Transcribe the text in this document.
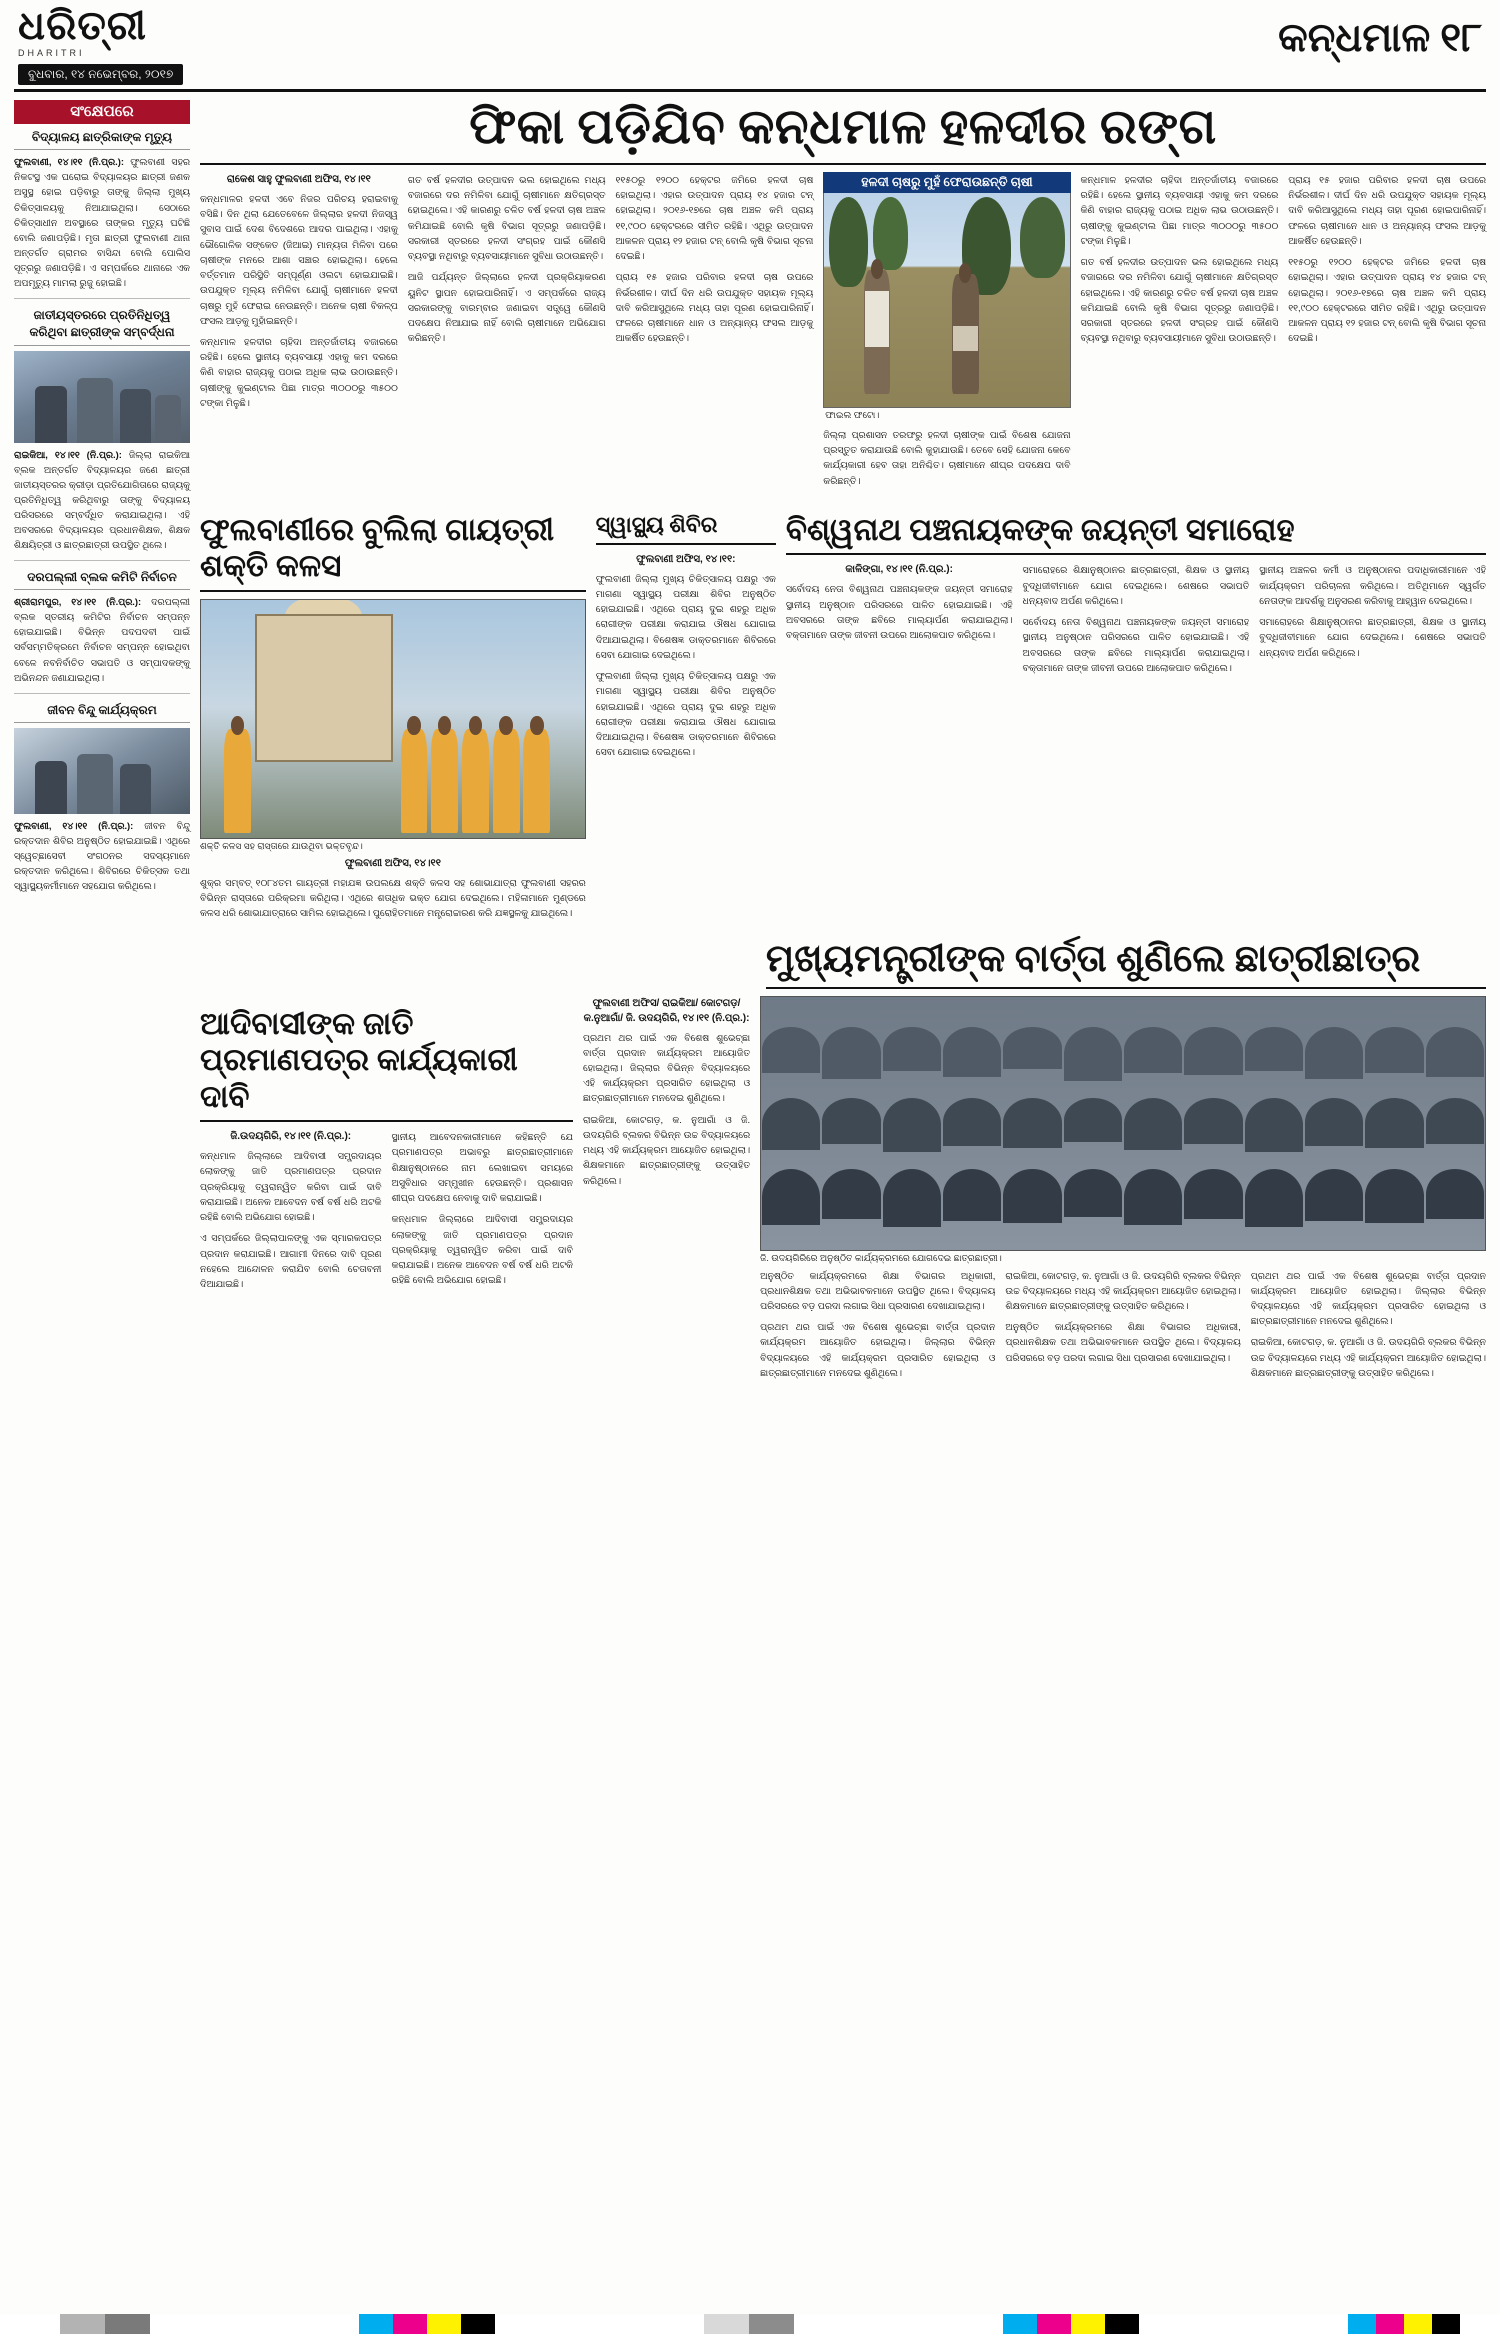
ଧରିତ୍ରୀ
DHARITRI
ବୁଧବାର, ୧୪ ନଭେମ୍ବର, ୨୦୧୭
କନ୍ଧମାଳ ୧୮
ସଂକ୍ଷେପରେ
ବିଦ୍ୟାଳୟ ଛାତ୍ରିକାଙ୍କ ମୃତ୍ୟୁ
ଫୁଲବାଣୀ, ୧୪।୧୧ (ନି.ପ୍ର.): ଫୁଲବାଣୀ ସହର ନିକଟସ୍ଥ ଏକ ଘରୋଇ ବିଦ୍ୟାଳୟର ଛାତ୍ରୀ ଜଣକ ଅସୁସ୍ଥ ହୋଇ ପଡ଼ିବାରୁ ତାଙ୍କୁ ଜିଲ୍ଲା ମୁଖ୍ୟ ଚିକିତ୍ସାଳୟକୁ ନିଆଯାଇଥିଲା। ସେଠାରେ ଚିକିତ୍ସାଧୀନ ଅବସ୍ଥାରେ ତାଙ୍କର ମୃତ୍ୟୁ ଘଟିଛି ବୋଲି ଜଣାପଡ଼ିଛି। ମୃତା ଛାତ୍ରୀ ଫୁଲବାଣୀ ଥାନା ଅନ୍ତର୍ଗତ ଗ୍ରାମର ବାସିନ୍ଦା ବୋଲି ପୋଲିସ ସୂତ୍ରରୁ ଜଣାପଡ଼ିଛି। ଏ ସମ୍ପର୍କରେ ଥାନାରେ ଏକ ଅପମୃତ୍ୟୁ ମାମଲା ରୁଜୁ ହୋଇଛି।
ଜାତୀୟସ୍ତରରେ ପ୍ରତିନିଧିତ୍ୱ କରିଥିବା ଛାତ୍ରୀଙ୍କ ସମ୍ବର୍ଦ୍ଧନା
ରାଇକିଆ, ୧୪।୧୧ (ନି.ପ୍ର.): ଜିଲ୍ଲା ରାଇକିଆ ବ୍ଲକ ଅନ୍ତର୍ଗତ ବିଦ୍ୟାଳୟର ଜଣେ ଛାତ୍ରୀ ଜାତୀୟସ୍ତରର କ୍ରୀଡ଼ା ପ୍ରତିଯୋଗିତାରେ ରାଜ୍ୟକୁ ପ୍ରତିନିଧିତ୍ୱ କରିଥିବାରୁ ତାଙ୍କୁ ବିଦ୍ୟାଳୟ ପରିସରରେ ସମ୍ବର୍ଦ୍ଧିତ କରାଯାଇଥିଲା। ଏହି ଅବସରରେ ବିଦ୍ୟାଳୟର ପ୍ରଧାନଶିକ୍ଷକ, ଶିକ୍ଷକ ଶିକ୍ଷୟିତ୍ରୀ ଓ ଛାତ୍ରଛାତ୍ରୀ ଉପସ୍ଥିତ ଥିଲେ।
ଦରପଲ୍ଲୀ ବ୍ଲକ କମିଟି ନିର୍ବାଚନ
ଶ୍ରୀରାମପୁର, ୧୪।୧୧ (ନି.ପ୍ର.): ଦରପଲ୍ଲୀ ବ୍ଲକ ସ୍ତରୀୟ କମିଟିର ନିର୍ବାଚନ ସମ୍ପନ୍ନ ହୋଇଯାଇଛି। ବିଭିନ୍ନ ପଦପଦବୀ ପାଇଁ ସର୍ବସମ୍ମତିକ୍ରମେ ନିର୍ବାଚନ ସମ୍ପନ୍ନ ହୋଇଥିବା ବେଳେ ନବନିର୍ବାଚିତ ସଭାପତି ଓ ସମ୍ପାଦକଙ୍କୁ ଅଭିନନ୍ଦନ ଜଣାଯାଇଥିଲା।
ଜୀବନ ବିନ୍ଦୁ କାର୍ଯ୍ୟକ୍ରମ
ଫୁଲବାଣୀ, ୧୪।୧୧ (ନି.ପ୍ର.): ଜୀବନ ବିନ୍ଦୁ ରକ୍ତଦାନ ଶିବିର ଅନୁଷ୍ଠିତ ହୋଇଯାଇଛି। ଏଥିରେ ସ୍ୱେଚ୍ଛାସେବୀ ସଂଗଠନର ସଦସ୍ୟମାନେ ରକ୍ତଦାନ କରିଥିଲେ। ଶିବିରରେ ଚିକିତ୍ସକ ତଥା ସ୍ୱାସ୍ଥ୍ୟକର୍ମୀମାନେ ସହଯୋଗ କରିଥିଲେ।
ଫିକା ପଡ଼ିଯିବ କନ୍ଧମାଳ ହଳଦୀର ରଙ୍ଗ
ରାକେଶ ସାହୁ ଫୁଲବାଣୀ ଅଫିସ, ୧୪।୧୧

କନ୍ଧମାଳର ହଳଦୀ ଏବେ ନିଜର ପରିଚୟ ହରାଇବାକୁ ବସିଛି। ଦିନ ଥିଲା ଯେତେବେଳେ ଜିଲ୍ଲାର ହଳଦୀ ନିଜସ୍ୱ ସୁବାସ ପାଇଁ ଦେଶ ବିଦେଶରେ ଆଦର ପାଇଥିଲା। ଏହାକୁ ଭୌଗୋଳିକ ସଙ୍କେତ (ଜିଆଇ) ମାନ୍ୟତା ମିଳିବା ପରେ ଚାଷୀଙ୍କ ମନରେ ଆଶା ସଞ୍ଚାର ହୋଇଥିଲା। ହେଲେ ବର୍ତ୍ତମାନ ପରିସ୍ଥିତି ସମ୍ପୂର୍ଣ୍ଣ ଓଲଟା ହୋଇଯାଇଛି। ଉପଯୁକ୍ତ ମୂଲ୍ୟ ନମିଳିବା ଯୋଗୁଁ ଚାଷୀମାନେ ହଳଦୀ ଚାଷରୁ ମୁହଁ ଫେରାଇ ନେଉଛନ୍ତି। ଅନେକ ଚାଷୀ ବିକଳ୍ପ ଫସଲ ଆଡ଼କୁ ମୁହାଁଇଛନ୍ତି।

କନ୍ଧମାଳ ହଳଦୀର ଚାହିଦା ଅନ୍ତର୍ଜାତୀୟ ବଜାରରେ ରହିଛି। ହେଲେ ସ୍ଥାନୀୟ ବ୍ୟବସାୟୀ ଏହାକୁ କମ ଦରରେ କିଣି ବାହାର ରାଜ୍ୟକୁ ପଠାଇ ଅଧିକ ଲାଭ ଉଠାଉଛନ୍ତି। ଚାଷୀଙ୍କୁ କୁଇଣ୍ଟାଲ ପିଛା ମାତ୍ର ୩୦୦୦ରୁ ୩୫୦୦ ଟଙ୍କା ମିଳୁଛି।

ଗତ ବର୍ଷ ହଳଦୀର ଉତ୍ପାଦନ ଭଲ ହୋଇଥିଲେ ମଧ୍ୟ ବଜାରରେ ଦର ନମିଳିବା ଯୋଗୁଁ ଚାଷୀମାନେ କ୍ଷତିଗ୍ରସ୍ତ ହୋଇଥିଲେ। ଏହି କାରଣରୁ ଚଳିତ ବର୍ଷ ହଳଦୀ ଚାଷ ଅଞ୍ଚଳ କମିଯାଇଛି ବୋଲି କୃଷି ବିଭାଗ ସୂତ୍ରରୁ ଜଣାପଡ଼ିଛି। ସରକାରୀ ସ୍ତରରେ ହଳଦୀ ସଂଗ୍ରହ ପାଇଁ କୌଣସି ବ୍ୟବସ୍ଥା ନଥିବାରୁ ବ୍ୟବସାୟୀମାନେ ସୁବିଧା ଉଠାଉଛନ୍ତି।

ଆଜି ପର୍ଯ୍ୟନ୍ତ ଜିଲ୍ଲାରେ ହଳଦୀ ପ୍ରକ୍ରିୟାକରଣ ୟୁନିଟ ସ୍ଥାପନ ହୋଇପାରିନାହିଁ। ଏ ସମ୍ପର୍କରେ ରାଜ୍ୟ ସରକାରଙ୍କୁ ବାରମ୍ବାର ଜଣାଇବା ସତ୍ତ୍ୱେ କୌଣସି ପଦକ୍ଷେପ ନିଆଯାଇ ନାହିଁ ବୋଲି ଚାଷୀମାନେ ଅଭିଯୋଗ କରିଛନ୍ତି।

୧୧୫୦ରୁ ୧୨୦୦ ହେକ୍ଟର ଜମିରେ ହଳଦୀ ଚାଷ ହୋଇଥିଲା। ଏହାର ଉତ୍ପାଦନ ପ୍ରାୟ ୧୪ ହଜାର ଟନ୍ ହୋଇଥିଲା। ୨୦୧୬-୧୭ରେ ଚାଷ ଅଞ୍ଚଳ କମି ପ୍ରାୟ ୧୧,୯୦୦ ହେକ୍ଟରରେ ସୀମିତ ରହିଛି। ଏଥିରୁ ଉତ୍ପାଦନ ଆକଳନ ପ୍ରାୟ ୧୨ ହଜାର ଟନ୍ ବୋଲି କୃଷି ବିଭାଗ ସୂଚନା ଦେଇଛି।

ପ୍ରାୟ ୧୫ ହଜାର ପରିବାର ହଳଦୀ ଚାଷ ଉପରେ ନିର୍ଭରଶୀଳ। ଦୀର୍ଘ ଦିନ ଧରି ଉପଯୁକ୍ତ ସହାୟକ ମୂଲ୍ୟ ଦାବି କରିଆସୁଥିଲେ ମଧ୍ୟ ତାହା ପୂରଣ ହୋଇପାରିନାହିଁ। ଫଳରେ ଚାଷୀମାନେ ଧାନ ଓ ଅନ୍ୟାନ୍ୟ ଫସଲ ଆଡ଼କୁ ଆକର୍ଷିତ ହେଉଛନ୍ତି।

ହଳଦୀ ଚାଷରୁ ମୁହଁ ଫେରାଉଛନ୍ତି ଚାଷୀ
ଫାଇଲ ଫଟୋ।

ଜିଲ୍ଲା ପ୍ରଶାସନ ତରଫରୁ ହଳଦୀ ଚାଷୀଙ୍କ ପାଇଁ ବିଶେଷ ଯୋଜନା ପ୍ରସ୍ତୁତ କରାଯାଉଛି ବୋଲି କୁହାଯାଉଛି। ତେବେ ସେହି ଯୋଜନା କେବେ କାର୍ଯ୍ୟକାରୀ ହେବ ତାହା ଅନିଶ୍ଚିତ। ଚାଷୀମାନେ ଶୀଘ୍ର ପଦକ୍ଷେପ ଦାବି କରିଛନ୍ତି।

କନ୍ଧମାଳ ହଳଦୀର ଚାହିଦା ଅନ୍ତର୍ଜାତୀୟ ବଜାରରେ ରହିଛି। ହେଲେ ସ୍ଥାନୀୟ ବ୍ୟବସାୟୀ ଏହାକୁ କମ ଦରରେ କିଣି ବାହାର ରାଜ୍ୟକୁ ପଠାଇ ଅଧିକ ଲାଭ ଉଠାଉଛନ୍ତି। ଚାଷୀଙ୍କୁ କୁଇଣ୍ଟାଲ ପିଛା ମାତ୍ର ୩୦୦୦ରୁ ୩୫୦୦ ଟଙ୍କା ମିଳୁଛି।

ଗତ ବର୍ଷ ହଳଦୀର ଉତ୍ପାଦନ ଭଲ ହୋଇଥିଲେ ମଧ୍ୟ ବଜାରରେ ଦର ନମିଳିବା ଯୋଗୁଁ ଚାଷୀମାନେ କ୍ଷତିଗ୍ରସ୍ତ ହୋଇଥିଲେ। ଏହି କାରଣରୁ ଚଳିତ ବର୍ଷ ହଳଦୀ ଚାଷ ଅଞ୍ଚଳ କମିଯାଇଛି ବୋଲି କୃଷି ବିଭାଗ ସୂତ୍ରରୁ ଜଣାପଡ଼ିଛି। ସରକାରୀ ସ୍ତରରେ ହଳଦୀ ସଂଗ୍ରହ ପାଇଁ କୌଣସି ବ୍ୟବସ୍ଥା ନଥିବାରୁ ବ୍ୟବସାୟୀମାନେ ସୁବିଧା ଉଠାଉଛନ୍ତି।

ପ୍ରାୟ ୧୫ ହଜାର ପରିବାର ହଳଦୀ ଚାଷ ଉପରେ ନିର୍ଭରଶୀଳ। ଦୀର୍ଘ ଦିନ ଧରି ଉପଯୁକ୍ତ ସହାୟକ ମୂଲ୍ୟ ଦାବି କରିଆସୁଥିଲେ ମଧ୍ୟ ତାହା ପୂରଣ ହୋଇପାରିନାହିଁ। ଫଳରେ ଚାଷୀମାନେ ଧାନ ଓ ଅନ୍ୟାନ୍ୟ ଫସଲ ଆଡ଼କୁ ଆକର୍ଷିତ ହେଉଛନ୍ତି।

୧୧୫୦ରୁ ୧୨୦୦ ହେକ୍ଟର ଜମିରେ ହଳଦୀ ଚାଷ ହୋଇଥିଲା। ଏହାର ଉତ୍ପାଦନ ପ୍ରାୟ ୧୪ ହଜାର ଟନ୍ ହୋଇଥିଲା। ୨୦୧୬-୧୭ରେ ଚାଷ ଅଞ୍ଚଳ କମି ପ୍ରାୟ ୧୧,୯୦୦ ହେକ୍ଟରରେ ସୀମିତ ରହିଛି। ଏଥିରୁ ଉତ୍ପାଦନ ଆକଳନ ପ୍ରାୟ ୧୨ ହଜାର ଟନ୍ ବୋଲି କୃଷି ବିଭାଗ ସୂଚନା ଦେଇଛି।

ଫୁଲବାଣୀରେ ବୁଲିଲା ଗାୟତ୍ରୀ ଶକ୍ତି କଳସ
ଶକ୍ତି କଳସ ସହ ରାସ୍ତାରେ ଯାଉଥିବା ଭକ୍ତବୃନ୍ଦ।
ଫୁଲବାଣୀ ଅଫିସ, ୧୪।୧୧

ଶୁକ୍ର ସମ୍ବତ୍ ୧୦୮୪ତମ ଗାୟତ୍ରୀ ମହାଯଜ୍ଞ ଉପଲକ୍ଷେ ଶକ୍ତି କଳସ ସହ ଶୋଭାଯାତ୍ରା ଫୁଲବାଣୀ ସହରର ବିଭିନ୍ନ ରାସ୍ତାରେ ପରିକ୍ରମା କରିଥିଲା। ଏଥିରେ ଶତାଧିକ ଭକ୍ତ ଯୋଗ ଦେଇଥିଲେ। ମହିଳାମାନେ ମୁଣ୍ଡରେ କଳସ ଧରି ଶୋଭାଯାତ୍ରାରେ ସାମିଲ ହୋଇଥିଲେ। ପୁରୋହିତମାନେ ମନ୍ତ୍ରୋଚ୍ଚାରଣ କରି ଯଜ୍ଞସ୍ଥଳକୁ ଯାଇଥିଲେ।

ସ୍ୱାସ୍ଥ୍ୟ ଶିବିର
ଫୁଲବାଣୀ ଅଫିସ, ୧୪।୧୧:

ଫୁଲବାଣୀ ଜିଲ୍ଲା ମୁଖ୍ୟ ଚିକିତ୍ସାଳୟ ପକ୍ଷରୁ ଏକ ମାଗଣା ସ୍ୱାସ୍ଥ୍ୟ ପରୀକ୍ଷା ଶିବିର ଅନୁଷ୍ଠିତ ହୋଇଯାଇଛି। ଏଥିରେ ପ୍ରାୟ ଦୁଇ ଶହରୁ ଅଧିକ ରୋଗୀଙ୍କ ପରୀକ୍ଷା କରାଯାଇ ଔଷଧ ଯୋଗାଇ ଦିଆଯାଇଥିଲା। ବିଶେଷଜ୍ଞ ଡାକ୍ତରମାନେ ଶିବିରରେ ସେବା ଯୋଗାଇ ଦେଇଥିଲେ।

ଫୁଲବାଣୀ ଜିଲ୍ଲା ମୁଖ୍ୟ ଚିକିତ୍ସାଳୟ ପକ୍ଷରୁ ଏକ ମାଗଣା ସ୍ୱାସ୍ଥ୍ୟ ପରୀକ୍ଷା ଶିବିର ଅନୁଷ୍ଠିତ ହୋଇଯାଇଛି। ଏଥିରେ ପ୍ରାୟ ଦୁଇ ଶହରୁ ଅଧିକ ରୋଗୀଙ୍କ ପରୀକ୍ଷା କରାଯାଇ ଔଷଧ ଯୋଗାଇ ଦିଆଯାଇଥିଲା। ବିଶେଷଜ୍ଞ ଡାକ୍ତରମାନେ ଶିବିରରେ ସେବା ଯୋଗାଇ ଦେଇଥିଲେ।

ବିଶ୍ୱନାଥ ପଞ୍ଚନାୟକଙ୍କ ଜୟନ୍ତୀ ସମାରୋହ
କାଳିଙ୍ଗା, ୧୪।୧୧ (ନି.ପ୍ର.):

ସର୍ବୋଦୟ ନେତା ବିଶ୍ୱନାଥ ପଞ୍ଚନାୟକଙ୍କ ଜୟନ୍ତୀ ସମାରୋହ ସ୍ଥାନୀୟ ଅନୁଷ୍ଠାନ ପରିସରରେ ପାଳିତ ହୋଇଯାଇଛି। ଏହି ଅବସରରେ ତାଙ୍କ ଛବିରେ ମାଲ୍ୟାର୍ପଣ କରାଯାଇଥିଲା। ବକ୍ତାମାନେ ତାଙ୍କ ଜୀବନୀ ଉପରେ ଆଲୋକପାତ କରିଥିଲେ।

ସମାରୋହରେ ଶିକ୍ଷାନୁଷ୍ଠାନର ଛାତ୍ରଛାତ୍ରୀ, ଶିକ୍ଷକ ଓ ସ୍ଥାନୀୟ ବୁଦ୍ଧିଜୀବୀମାନେ ଯୋଗ ଦେଇଥିଲେ। ଶେଷରେ ସଭାପତି ଧନ୍ୟବାଦ ଅର୍ପଣ କରିଥିଲେ।

ସର୍ବୋଦୟ ନେତା ବିଶ୍ୱନାଥ ପଞ୍ଚନାୟକଙ୍କ ଜୟନ୍ତୀ ସମାରୋହ ସ୍ଥାନୀୟ ଅନୁଷ୍ଠାନ ପରିସରରେ ପାଳିତ ହୋଇଯାଇଛି। ଏହି ଅବସରରେ ତାଙ୍କ ଛବିରେ ମାଲ୍ୟାର୍ପଣ କରାଯାଇଥିଲା। ବକ୍ତାମାନେ ତାଙ୍କ ଜୀବନୀ ଉପରେ ଆଲୋକପାତ କରିଥିଲେ।

ସ୍ଥାନୀୟ ଅଞ୍ଚଳର କର୍ମୀ ଓ ଅନୁଷ୍ଠାନର ପଦାଧିକାରୀମାନେ ଏହି କାର୍ଯ୍ୟକ୍ରମ ପରିଚାଳନା କରିଥିଲେ। ଅତିଥିମାନେ ସ୍ୱର୍ଗତ ନେତାଙ୍କ ଆଦର୍ଶକୁ ଅନୁସରଣ କରିବାକୁ ଆହ୍ୱାନ ଦେଇଥିଲେ।

ସମାରୋହରେ ଶିକ୍ଷାନୁଷ୍ଠାନର ଛାତ୍ରଛାତ୍ରୀ, ଶିକ୍ଷକ ଓ ସ୍ଥାନୀୟ ବୁଦ୍ଧିଜୀବୀମାନେ ଯୋଗ ଦେଇଥିଲେ। ଶେଷରେ ସଭାପତି ଧନ୍ୟବାଦ ଅର୍ପଣ କରିଥିଲେ।

ମୁଖ୍ୟମନ୍ତ୍ରୀଙ୍କ ବାର୍ତ୍ତା ଶୁଣିଲେ ଛାତ୍ରୀଛାତ୍ର
ଆଦିବାସୀଙ୍କ ଜାତି ପ୍ରମାଣପତ୍ର କାର୍ଯ୍ୟକାରୀ ଦାବି
ଜି.ଉଦୟଗିରି, ୧୪।୧୧ (ନି.ପ୍ର.):

କନ୍ଧମାଳ ଜିଲ୍ଲାରେ ଆଦିବାସୀ ସମ୍ପ୍ରଦାୟର ଲୋକଙ୍କୁ ଜାତି ପ୍ରମାଣପତ୍ର ପ୍ରଦାନ ପ୍ରକ୍ରିୟାକୁ ତ୍ୱରାନ୍ୱିତ କରିବା ପାଇଁ ଦାବି କରାଯାଇଛି। ଅନେକ ଆବେଦନ ବର୍ଷ ବର୍ଷ ଧରି ଅଟକି ରହିଛି ବୋଲି ଅଭିଯୋଗ ହୋଇଛି।

ଏ ସମ୍ପର୍କରେ ଜିଲ୍ଲାପାଳଙ୍କୁ ଏକ ସ୍ମାରକପତ୍ର ପ୍ରଦାନ କରାଯାଇଛି। ଆଗାମୀ ଦିନରେ ଦାବି ପୂରଣ ନହେଲେ ଆନ୍ଦୋଳନ କରାଯିବ ବୋଲି ଚେତାବନୀ ଦିଆଯାଇଛି।

ସ୍ଥାନୀୟ ଆବେଦନକାରୀମାନେ କହିଛନ୍ତି ଯେ ପ୍ରମାଣପତ୍ର ଅଭାବରୁ ଛାତ୍ରଛାତ୍ରୀମାନେ ଶିକ୍ଷାନୁଷ୍ଠାନରେ ନାମ ଲେଖାଇବା ସମୟରେ ଅସୁବିଧାର ସମ୍ମୁଖୀନ ହେଉଛନ୍ତି। ପ୍ରଶାସନ ଶୀଘ୍ର ପଦକ୍ଷେପ ନେବାକୁ ଦାବି କରାଯାଇଛି।

କନ୍ଧମାଳ ଜିଲ୍ଲାରେ ଆଦିବାସୀ ସମ୍ପ୍ରଦାୟର ଲୋକଙ୍କୁ ଜାତି ପ୍ରମାଣପତ୍ର ପ୍ରଦାନ ପ୍ରକ୍ରିୟାକୁ ତ୍ୱରାନ୍ୱିତ କରିବା ପାଇଁ ଦାବି କରାଯାଇଛି। ଅନେକ ଆବେଦନ ବର୍ଷ ବର୍ଷ ଧରି ଅଟକି ରହିଛି ବୋଲି ଅଭିଯୋଗ ହୋଇଛି।

ଫୁଲବାଣୀ ଅଫିସ/ ରାଇକିଆ/ କୋଟଗଡ଼/ କ.ନୁଆଗାଁ/ ଜି. ଉଦୟଗିରି, ୧୪।୧୧ (ନି.ପ୍ର.):

ପ୍ରଥମ ଥର ପାଇଁ ଏକ ବିଶେଷ ଶୁଭେଚ୍ଛା ବାର୍ତ୍ତା ପ୍ରଦାନ କାର୍ଯ୍ୟକ୍ରମ ଆୟୋଜିତ ହୋଇଥିଲା। ଜିଲ୍ଲାର ବିଭିନ୍ନ ବିଦ୍ୟାଳୟରେ ଏହି କାର୍ଯ୍ୟକ୍ରମ ପ୍ରସାରିତ ହୋଇଥିଲା ଓ ଛାତ୍ରଛାତ୍ରୀମାନେ ମନଦେଇ ଶୁଣିଥିଲେ।

ରାଇକିଆ, କୋଟଗଡ଼, କ. ନୁଆଗାଁ ଓ ଜି. ଉଦୟଗିରି ବ୍ଲକର ବିଭିନ୍ନ ଉଚ୍ଚ ବିଦ୍ୟାଳୟରେ ମଧ୍ୟ ଏହି କାର୍ଯ୍ୟକ୍ରମ ଆୟୋଜିତ ହୋଇଥିଲା। ଶିକ୍ଷକମାନେ ଛାତ୍ରଛାତ୍ରୀଙ୍କୁ ଉତ୍ସାହିତ କରିଥିଲେ।

ଜି. ଉଦୟଗିରିରେ ଅନୁଷ୍ଠିତ କାର୍ଯ୍ୟକ୍ରମରେ ଯୋଗଦେଇ ଛାତ୍ରଛାତ୍ରୀ।

ଅନୁଷ୍ଠିତ କାର୍ଯ୍ୟକ୍ରମରେ ଶିକ୍ଷା ବିଭାଗର ଅଧିକାରୀ, ପ୍ରଧାନଶିକ୍ଷକ ତଥା ଅଭିଭାବକମାନେ ଉପସ୍ଥିତ ଥିଲେ। ବିଦ୍ୟାଳୟ ପରିସରରେ ବଡ଼ ପରଦା ଲଗାଇ ସିଧା ପ୍ରସାରଣ ଦେଖାଯାଇଥିଲା।

ପ୍ରଥମ ଥର ପାଇଁ ଏକ ବିଶେଷ ଶୁଭେଚ୍ଛା ବାର୍ତ୍ତା ପ୍ରଦାନ କାର୍ଯ୍ୟକ୍ରମ ଆୟୋଜିତ ହୋଇଥିଲା। ଜିଲ୍ଲାର ବିଭିନ୍ନ ବିଦ୍ୟାଳୟରେ ଏହି କାର୍ଯ୍ୟକ୍ରମ ପ୍ରସାରିତ ହୋଇଥିଲା ଓ ଛାତ୍ରଛାତ୍ରୀମାନେ ମନଦେଇ ଶୁଣିଥିଲେ।

ରାଇକିଆ, କୋଟଗଡ଼, କ. ନୁଆଗାଁ ଓ ଜି. ଉଦୟଗିରି ବ୍ଲକର ବିଭିନ୍ନ ଉଚ୍ଚ ବିଦ୍ୟାଳୟରେ ମଧ୍ୟ ଏହି କାର୍ଯ୍ୟକ୍ରମ ଆୟୋଜିତ ହୋଇଥିଲା। ଶିକ୍ଷକମାନେ ଛାତ୍ରଛାତ୍ରୀଙ୍କୁ ଉତ୍ସାହିତ କରିଥିଲେ।

ଅନୁଷ୍ଠିତ କାର୍ଯ୍ୟକ୍ରମରେ ଶିକ୍ଷା ବିଭାଗର ଅଧିକାରୀ, ପ୍ରଧାନଶିକ୍ଷକ ତଥା ଅଭିଭାବକମାନେ ଉପସ୍ଥିତ ଥିଲେ। ବିଦ୍ୟାଳୟ ପରିସରରେ ବଡ଼ ପରଦା ଲଗାଇ ସିଧା ପ୍ରସାରଣ ଦେଖାଯାଇଥିଲା।

ପ୍ରଥମ ଥର ପାଇଁ ଏକ ବିଶେଷ ଶୁଭେଚ୍ଛା ବାର୍ତ୍ତା ପ୍ରଦାନ କାର୍ଯ୍ୟକ୍ରମ ଆୟୋଜିତ ହୋଇଥିଲା। ଜିଲ୍ଲାର ବିଭିନ୍ନ ବିଦ୍ୟାଳୟରେ ଏହି କାର୍ଯ୍ୟକ୍ରମ ପ୍ରସାରିତ ହୋଇଥିଲା ଓ ଛାତ୍ରଛାତ୍ରୀମାନେ ମନଦେଇ ଶୁଣିଥିଲେ।

ରାଇକିଆ, କୋଟଗଡ଼, କ. ନୁଆଗାଁ ଓ ଜି. ଉଦୟଗିରି ବ୍ଲକର ବିଭିନ୍ନ ଉଚ୍ଚ ବିଦ୍ୟାଳୟରେ ମଧ୍ୟ ଏହି କାର୍ଯ୍ୟକ୍ରମ ଆୟୋଜିତ ହୋଇଥିଲା। ଶିକ୍ଷକମାନେ ଛାତ୍ରଛାତ୍ରୀଙ୍କୁ ଉତ୍ସାହିତ କରିଥିଲେ।
